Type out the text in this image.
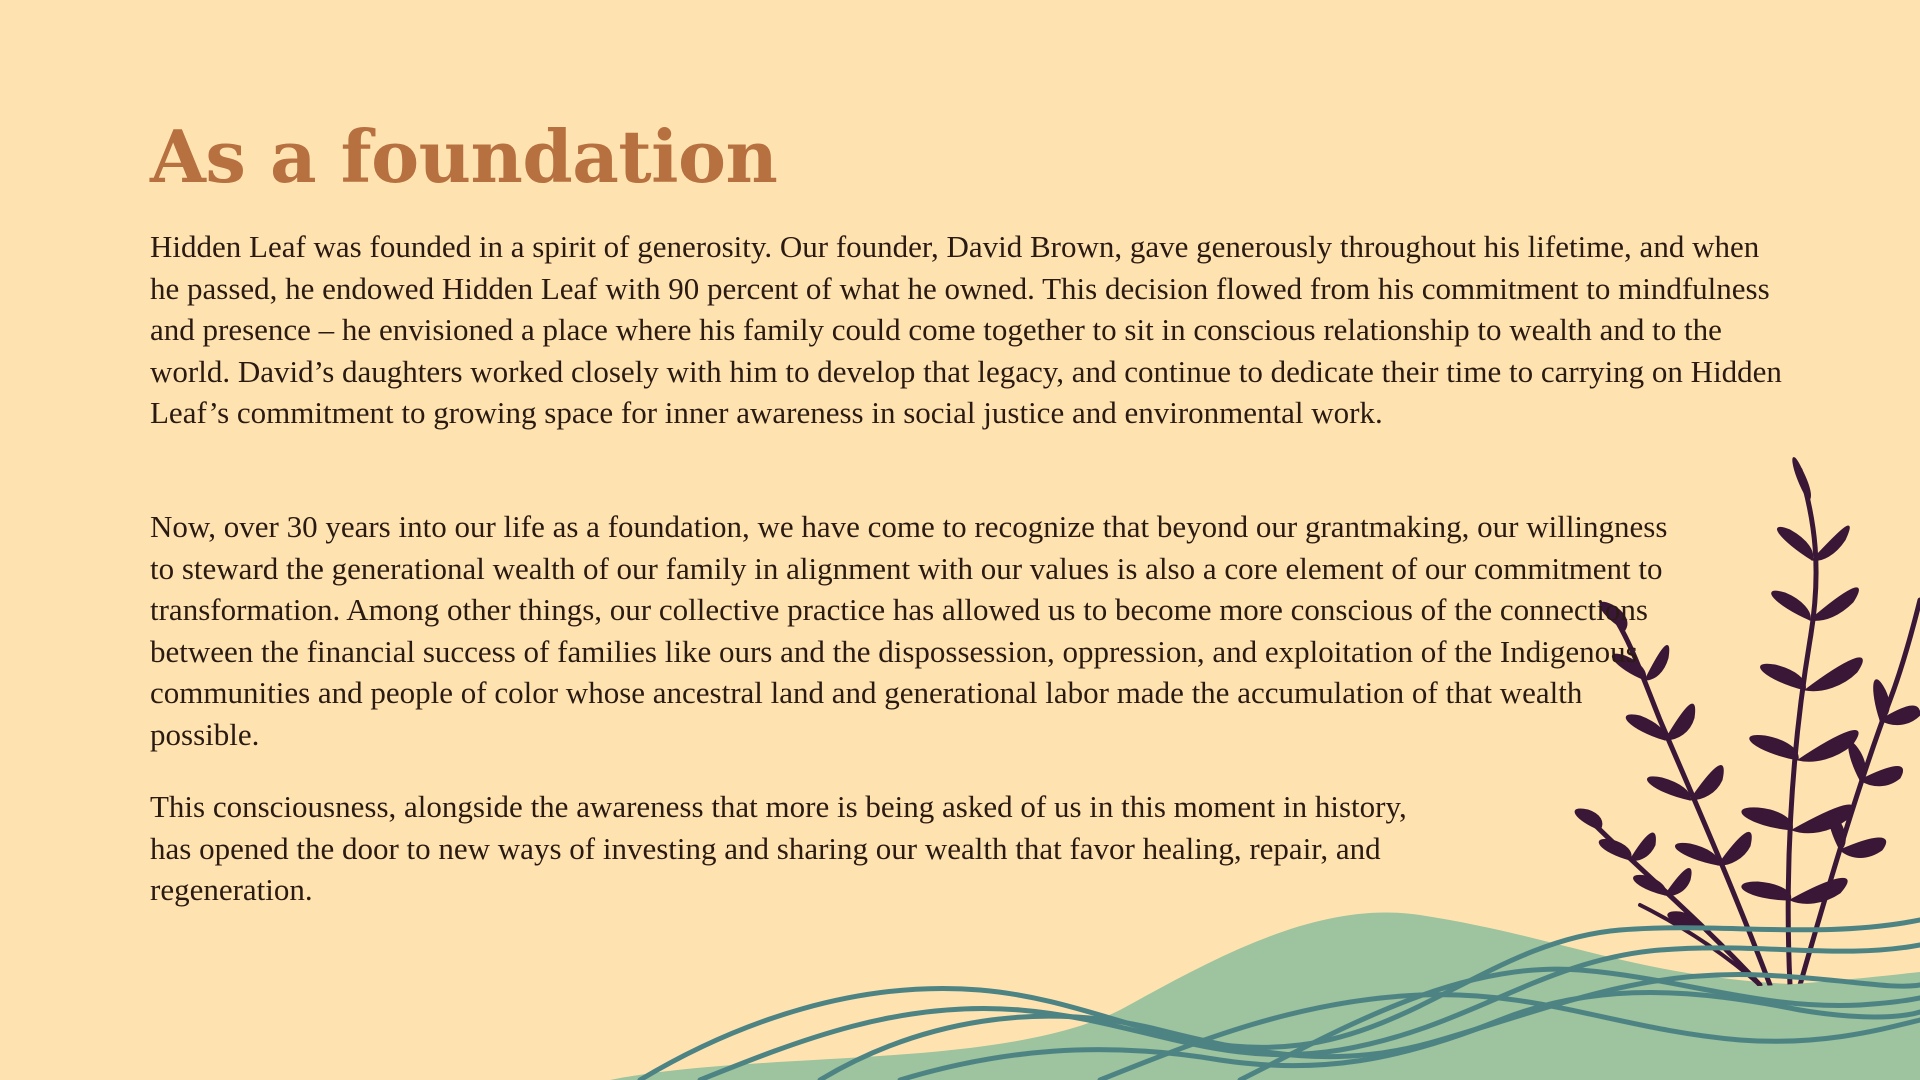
As a foundation

Hidden Leaf was founded in a spirit of generosity. Our founder, David Brown, gave generously throughout his lifetime, and when he passed, he endowed Hidden Leaf with 90 percent of what he owned. This decision flowed from his commitment to mindfulness and presence – he envisioned a place where his family could come together to sit in conscious relationship to wealth and to the world. David’s daughters worked closely with him to develop that legacy, and continue to dedicate their time to carrying on Hidden Leaf’s commitment to growing space for inner awareness in social justice and environmental work.

Now, over 30 years into our life as a foundation, we have come to recognize that beyond our grantmaking, our willingness to steward the generational wealth of our family in alignment with our values is also a core element of our commitment to transformation. Among other things, our collective practice has allowed us to become more conscious of the connections between the financial success of families like ours and the dispossession, oppression, and exploitation of the Indigenous communities and people of color whose ancestral land and generational labor made the accumulation of that wealth possible.

This consciousness, alongside the awareness that more is being asked of us in this moment in history, has opened the door to new ways of investing and sharing our wealth that favor healing, repair, and regeneration.
